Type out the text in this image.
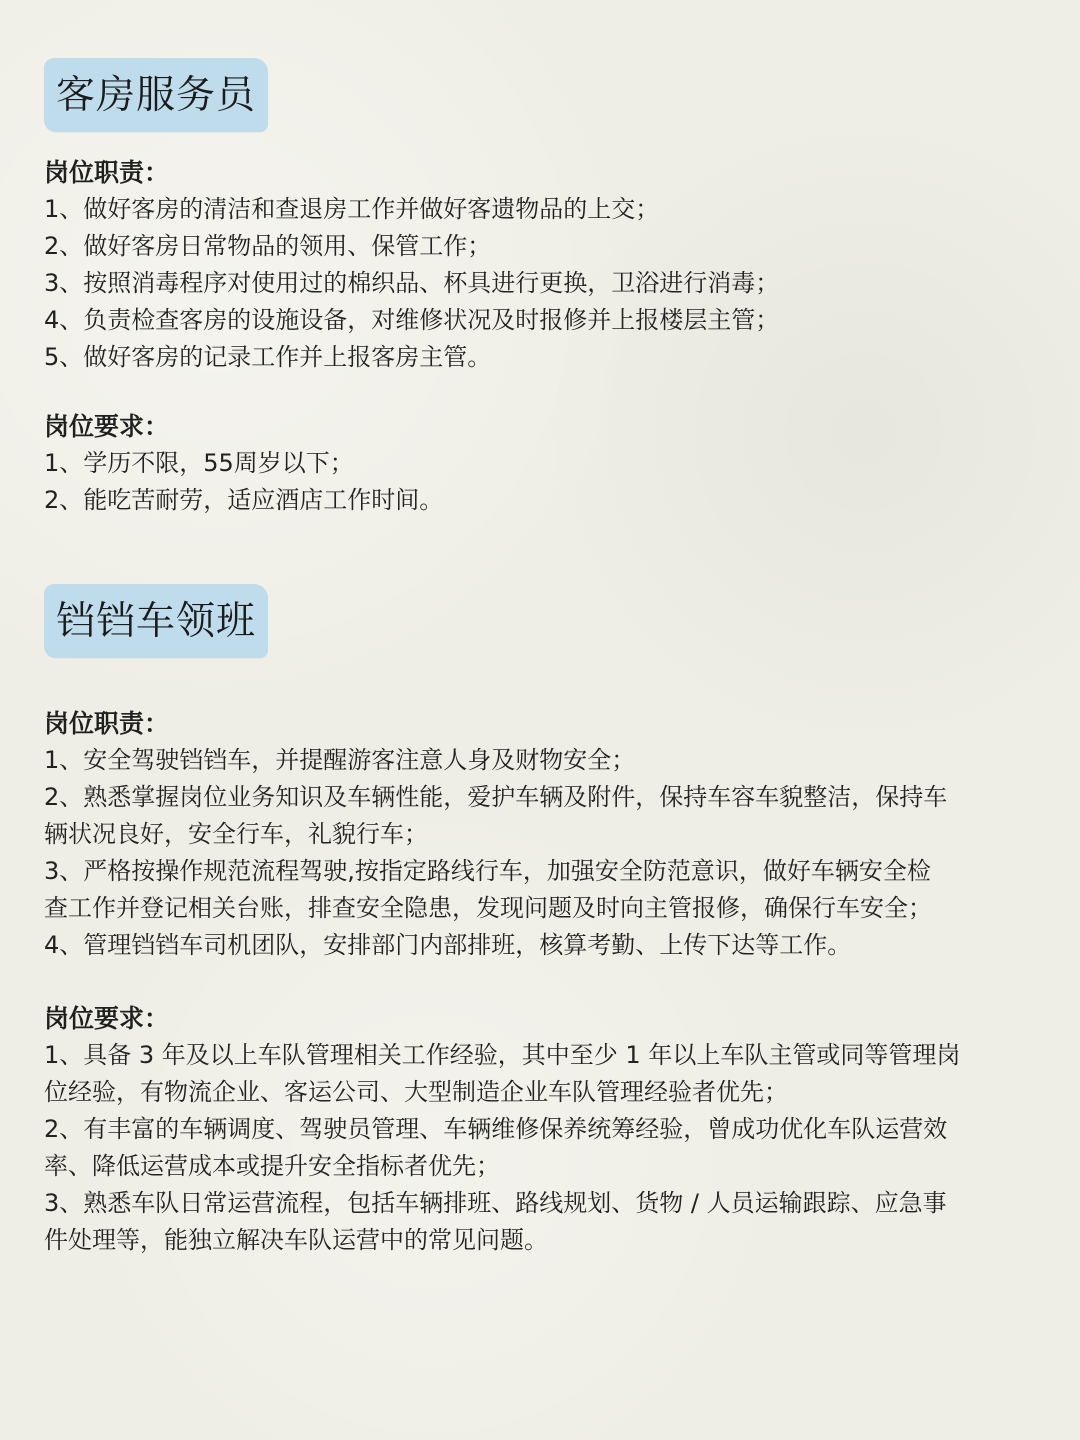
客房服务员

岗位职责：

1、做好客房的清洁和查退房工作并做好客遗物品的上交；

2、做好客房日常物品的领用、保管工作；

3、按照消毒程序对使用过的棉织品、杯具进行更换，卫浴进行消毒；

4、负责检查客房的设施设备，对维修状况及时报修并上报楼层主管；

5、做好客房的记录工作并上报客房主管。

岗位要求：

1、学历不限，55周岁以下；

2、能吃苦耐劳，适应酒店工作时间。

铛铛车领班

岗位职责：

1、安全驾驶铛铛车，并提醒游客注意人身及财物安全；

2、熟悉掌握岗位业务知识及车辆性能，爱护车辆及附件，保持车容车貌整洁，保持车

辆状况良好，安全行车，礼貌行车；

3、严格按操作规范流程驾驶,按指定路线行车，加强安全防范意识，做好车辆安全检

查工作并登记相关台账，排查安全隐患，发现问题及时向主管报修，确保行车安全；

4、管理铛铛车司机团队，安排部门内部排班，核算考勤、上传下达等工作。

岗位要求：

1、具备 3 年及以上车队管理相关工作经验，其中至少 1 年以上车队主管或同等管理岗

位经验，有物流企业、客运公司、大型制造企业车队管理经验者优先；

2、有丰富的车辆调度、驾驶员管理、车辆维修保养统筹经验，曾成功优化车队运营效

率、降低运营成本或提升安全指标者优先；

3、熟悉车队日常运营流程，包括车辆排班、路线规划、货物 / 人员运输跟踪、应急事

件处理等，能独立解决车队运营中的常见问题。
